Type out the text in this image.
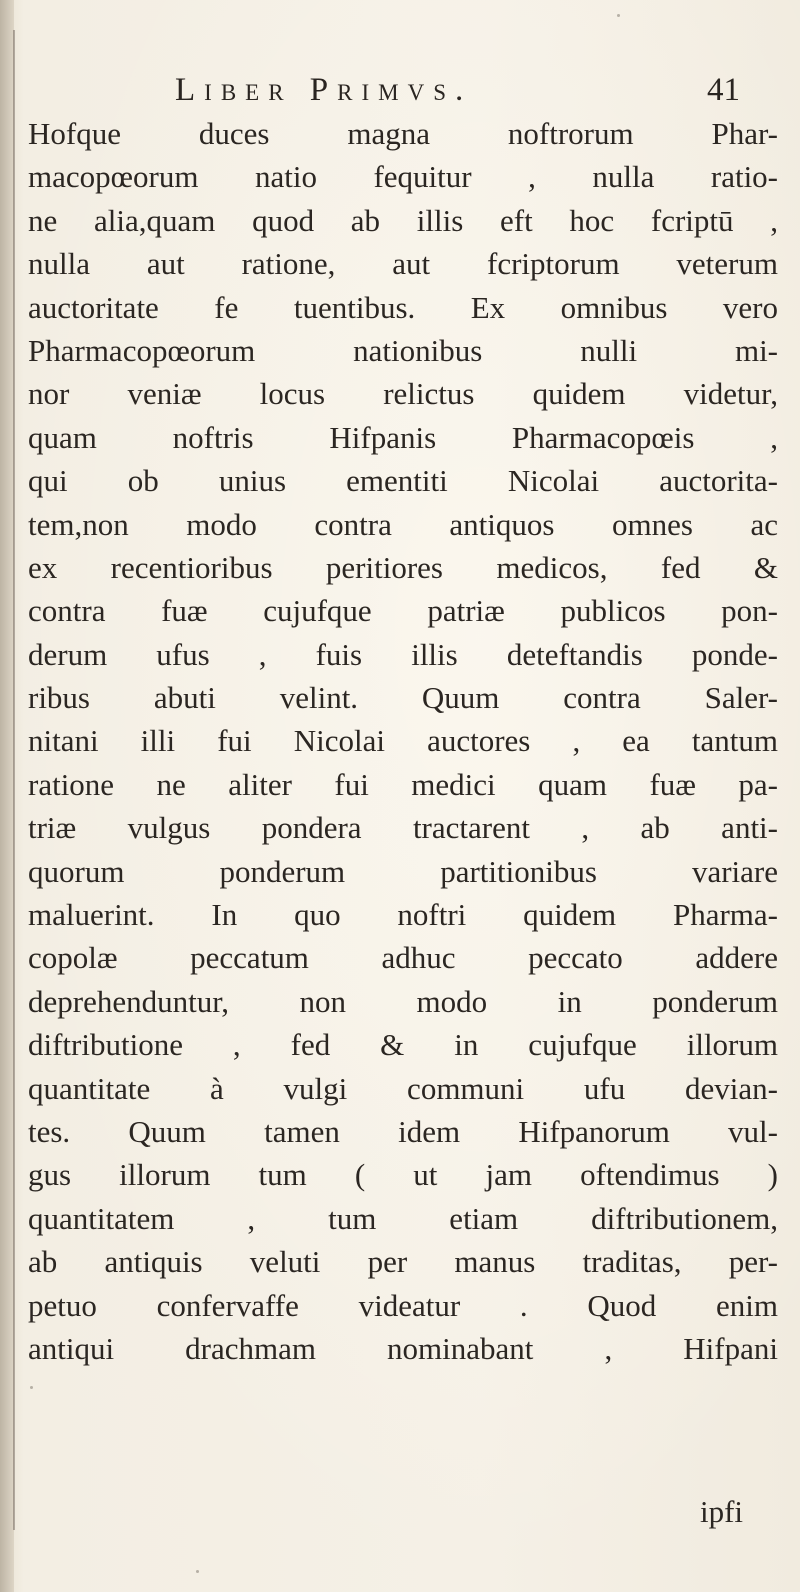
Liber Primvs.	41
Hofque duces magna noftrorum Phar-
macopœorum natio fequitur , nulla ratio-
ne alia,quam quod ab illis eft hoc fcriptū ,
nulla aut ratione, aut fcriptorum veterum
auctoritate fe tuentibus. Ex omnibus vero
Pharmacopœorum nationibus nulli mi-
nor veniæ locus relictus quidem videtur,
quam noftris Hifpanis Pharmacopœis ,
qui ob unius ementiti Nicolai auctorita-
tem,non modo contra antiquos omnes ac
ex recentioribus peritiores medicos, fed &
contra fuæ cujufque patriæ publicos pon-
derum ufus , fuis illis deteftandis ponde-
ribus abuti velint. Quum contra Saler-
nitani illi fui Nicolai auctores , ea tantum
ratione ne aliter fui medici quam fuæ pa-
triæ vulgus pondera tractarent , ab anti-
quorum ponderum partitionibus variare
maluerint. In quo noftri quidem Pharma-
copolæ peccatum adhuc peccato addere
deprehenduntur, non modo in ponderum
diftributione , fed & in cujufque illorum
quantitate à vulgi communi ufu devian-
tes. Quum tamen idem Hifpanorum vul-
gus illorum tum ( ut jam oftendimus )
quantitatem , tum etiam diftributionem,
ab antiquis veluti per manus traditas, per-
petuo confervaffe videatur . Quod enim
antiqui drachmam nominabant , Hifpani
ipfi
